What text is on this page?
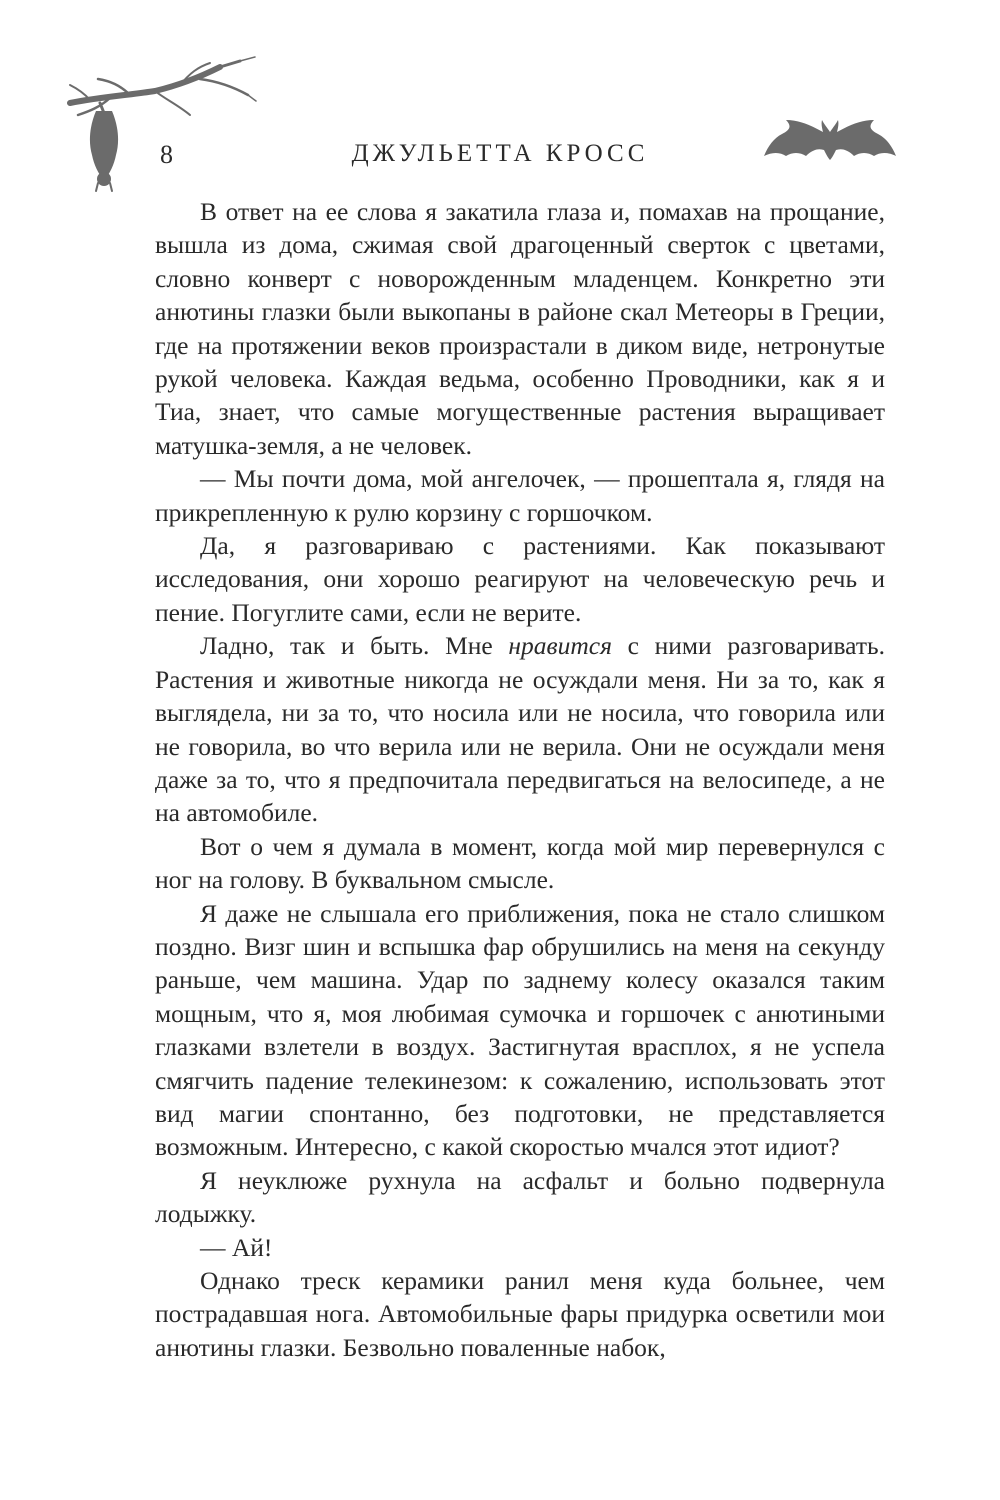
8	ДЖУЛЬЕТТА КРОСС

В ответ на ее слова я закатила глаза и, помахав на прощание, вышла из дома, сжимая свой драгоценный сверток с цветами, словно конверт с новорожденным младенцем. Конкретно эти анютины глазки были выкопаны в районе скал Метеоры в Греции, где на протяжении веков произрастали в диком виде, нетронутые рукой человека. Каждая ведьма, особенно Проводники, как я и Тиа, знает, что самые могущественные растения выращивает матушка-земля, а не человек.

— Мы почти дома, мой ангелочек, — прошептала я, глядя на прикрепленную к рулю корзину с горшочком.

Да, я разговариваю с растениями. Как показывают исследования, они хорошо реагируют на человеческую речь и пение. Погуглите сами, если не верите.

Ладно, так и быть. Мне нравится с ними разговаривать. Растения и животные никогда не осуждали меня. Ни за то, как я выглядела, ни за то, что носила или не носила, что говорила или не говорила, во что верила или не верила. Они не осуждали меня даже за то, что я предпочитала передвигаться на велосипеде, а не на автомобиле.

Вот о чем я думала в момент, когда мой мир перевернулся с ног на голову. В буквальном смысле.

Я даже не слышала его приближения, пока не стало слишком поздно. Визг шин и вспышка фар обрушились на меня на секунду раньше, чем машина. Удар по заднему колесу оказался таким мощным, что я, моя любимая сумочка и горшочек с анютиными глазками взлетели в воздух. Застигнутая врасплох, я не успела смягчить падение телекинезом: к сожалению, использовать этот вид магии спонтанно, без подготовки, не представляется возможным. Интересно, с какой скоростью мчался этот идиот?

Я неуклюже рухнула на асфальт и больно подвернула лодыжку.

— Ай!

Однако треск керамики ранил меня куда больнее, чем пострадавшая нога. Автомобильные фары придурка осветили мои анютины глазки. Безвольно поваленные набок,
